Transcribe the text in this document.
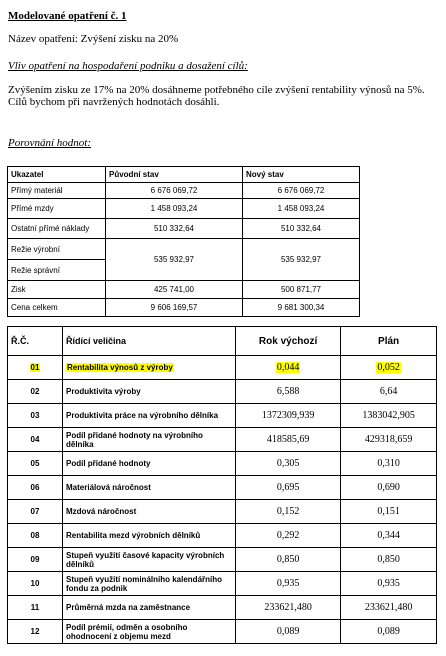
Modelované opatření č. 1
Název opatření: Zvýšení zisku na 20%
Vliv opatření na hospodaření podniku a dosažení cílů:
Zvýšením zisku ze 17% na 20% dosáhneme potřebného cíle zvýšení rentability výnosů na 5%.
Cílů bychom při navržených hodnotách dosáhli.
Porovnání hodnot:
Ukazatel	Původní stav	Nový stav
Přímý materiál	6 676 069,72	6 676 069,72
Přímé mzdy	1 458 093,24	1 458 093,24
Ostatní přímé náklady	510 332,64	510 332,64
Režie výrobní	535 932,97	535 932,97
Režie správní		
Zisk	425 741,00	500 871,77
Cena celkem	9 606 169,57	9 681 300,34
Ř.Č.	Řídící veličina	Rok výchozí	Plán
01	Rentabilita výnosů z výroby	0,044	0,052
02	Produktivita výroby	6,588	6,64
03	Produktivita práce na výrobního dělníka	1372309,939	1383042,905
04	Podíl přidané hodnoty na výrobního dělníka	418585,69	429318,659
05	Podíl přidané hodnoty	0,305	0,310
06	Materiálová náročnost	0,695	0,690
07	Mzdová náročnost	0,152	0,151
08	Rentabilita mezd výrobních dělníků	0,292	0,344
09	Stupeň využití časové kapacity výrobních dělníků	0,850	0,850
10	Stupeň využití nominálního kalendářního fondu za podnik	0,935	0,935
11	Průměrná mzda na zaměstnance	233621,480	233621,480
12	Podíl prémií, odměn a osobního ohodnocení z objemu mezd	0,089	0,089
